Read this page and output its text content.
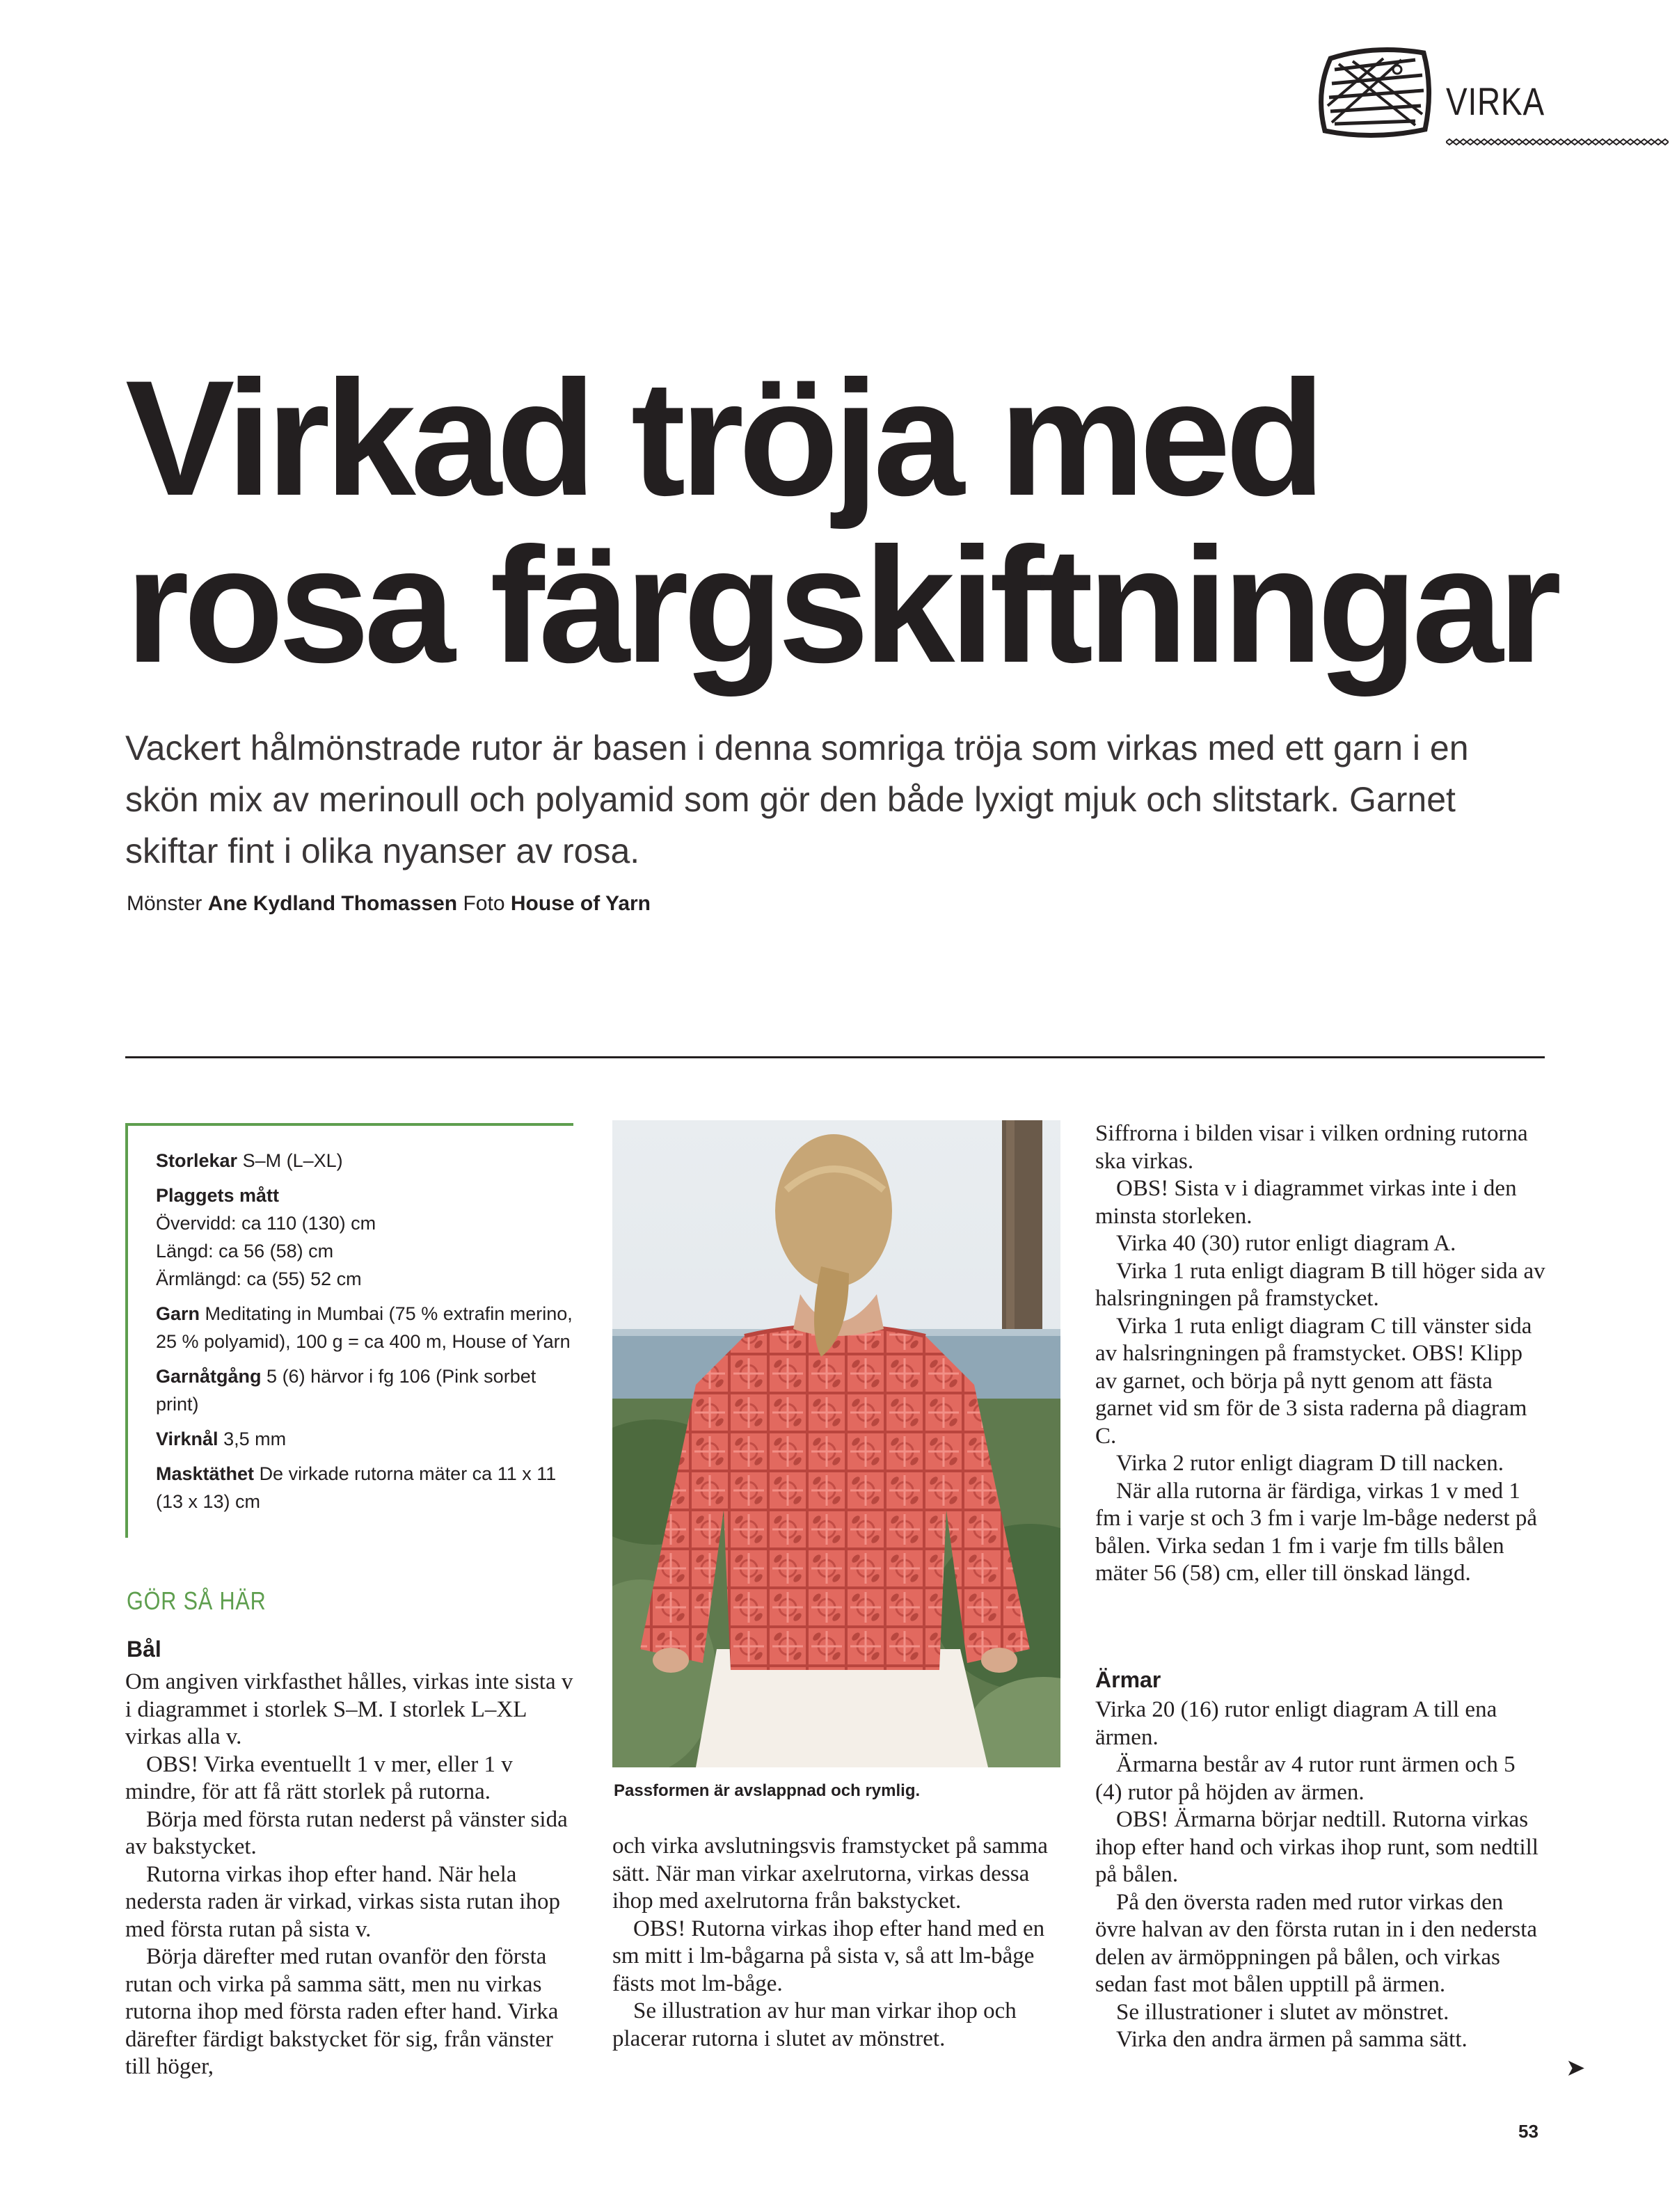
VIRKA
Virkad tröja med
rosa färgskiftningar

Vackert hålmönstrade rutor är basen i denna somriga tröja som virkas med ett garn i en skön mix av merinoull och polyamid som gör den både lyxigt mjuk och slitstark. Garnet skiftar fint i olika nyanser av rosa.

Mönster Ane Kydland Thomassen Foto House of Yarn

Storlekar S–M (L–XL)

Plaggets mått
Övervidd: ca 110 (130) cm
Längd: ca 56 (58) cm
Ärmlängd: ca (55) 52 cm

Garn Meditating in Mumbai (75 % extrafin merino, 25 % polyamid), 100 g = ca 400 m, House of Yarn

Garnåtgång 5 (6) härvor i fg 106 (Pink sorbet print)

Virknål 3,5 mm

Masktäthet De virkade rutorna mäter ca 11 x 11 (13 x 13) cm

GÖR SÅ HÄR
Bål

Om angiven virkfasthet hålles, virkas inte sista v i diagrammet i storlek S–M. I storlek L–XL virkas alla v.

OBS! Virka eventuellt 1 v mer, eller 1 v mindre, för att få rätt storlek på rutorna.

Börja med första rutan nederst på vänster sida av bakstycket.

Rutorna virkas ihop efter hand. När hela nedersta raden är virkad, virkas sista rutan ihop med första rutan på sista v.

Börja därefter med rutan ovanför den första rutan och virka på samma sätt, men nu virkas rutorna ihop med första raden efter hand. Virka därefter färdigt bakstycket för sig, från vänster till höger,

Passformen är avslappnad och rymlig.

och virka avslutningsvis framstycket på samma sätt. När man virkar axelrutorna, virkas dessa ihop med axelrutorna från bakstycket.

OBS! Rutorna virkas ihop efter hand med en sm mitt i lm-bågarna på sista v, så att lm-båge fästs mot lm-båge.

Se illustration av hur man virkar ihop och placerar rutorna i slutet av mönstret.

Siffrorna i bilden visar i vilken ordning rutorna ska virkas.

OBS! Sista v i diagrammet virkas inte i den minsta storleken.

Virka 40 (30) rutor enligt diagram A.

Virka 1 ruta enligt diagram B till höger sida av halsringningen på framstycket.

Virka 1 ruta enligt diagram C till vänster sida av halsringningen på framstycket. OBS! Klipp av garnet, och börja på nytt genom att fästa garnet vid sm för de 3 sista raderna på diagram C.

Virka 2 rutor enligt diagram D till nacken.

När alla rutorna är färdiga, virkas 1 v med 1 fm i varje st och 3 fm i varje lm-båge nederst på bålen. Virka sedan 1 fm i varje fm tills bålen mäter 56 (58) cm, eller till önskad längd.

Ärmar

Virka 20 (16) rutor enligt diagram A till ena ärmen.

Ärmarna består av 4 rutor runt ärmen och 5 (4) rutor på höjden av ärmen.

OBS! Ärmarna börjar nedtill. Rutorna virkas ihop efter hand och virkas ihop runt, som nedtill på bålen.

På den översta raden med rutor virkas den övre halvan av den första rutan in i den nedersta delen av ärmöppningen på bålen, och virkas sedan fast mot bålen upptill på ärmen.

Se illustrationer i slutet av mönstret.

Virka den andra ärmen på samma sätt.

➤
53
